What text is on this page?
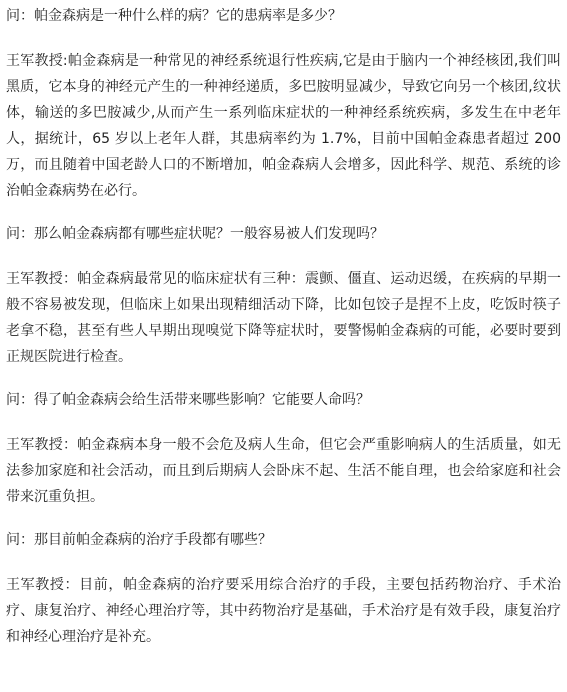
问：帕金森病是一种什么样的病？它的患病率是多少？
王军教授:帕金森病是一种常见的神经系统退行性疾病,它是由于脑内一个神经核团,我们叫黑质，它本身的神经元产生的一种神经递质，多巴胺明显减少，导致它向另一个核团,纹状体，输送的多巴胺减少,从而产生一系列临床症状的一种神经系统疾病，多发生在中老年人，据统计，65 岁以上老年人群，其患病率约为 1.7%，目前中国帕金森患者超过 200 万，而且随着中国老龄人口的不断增加，帕金森病人会增多，因此科学、规范、系统的诊治帕金森病势在必行。
问：那么帕金森病都有哪些症状呢？一般容易被人们发现吗？
王军教授：帕金森病最常见的临床症状有三种：震颤、僵直、运动迟缓，在疾病的早期一般不容易被发现，但临床上如果出现精细活动下降，比如包饺子是捏不上皮，吃饭时筷子老拿不稳，甚至有些人早期出现嗅觉下降等症状时，要警惕帕金森病的可能，必要时要到正规医院进行检查。
问：得了帕金森病会给生活带来哪些影响？它能要人命吗？
王军教授：帕金森病本身一般不会危及病人生命，但它会严重影响病人的生活质量，如无法参加家庭和社会活动，而且到后期病人会卧床不起、生活不能自理，也会给家庭和社会带来沉重负担。
问：那目前帕金森病的治疗手段都有哪些？
王军教授：目前，帕金森病的治疗要采用综合治疗的手段，主要包括药物治疗、手术治疗、康复治疗、神经心理治疗等，其中药物治疗是基础，手术治疗是有效手段，康复治疗和神经心理治疗是补充。
